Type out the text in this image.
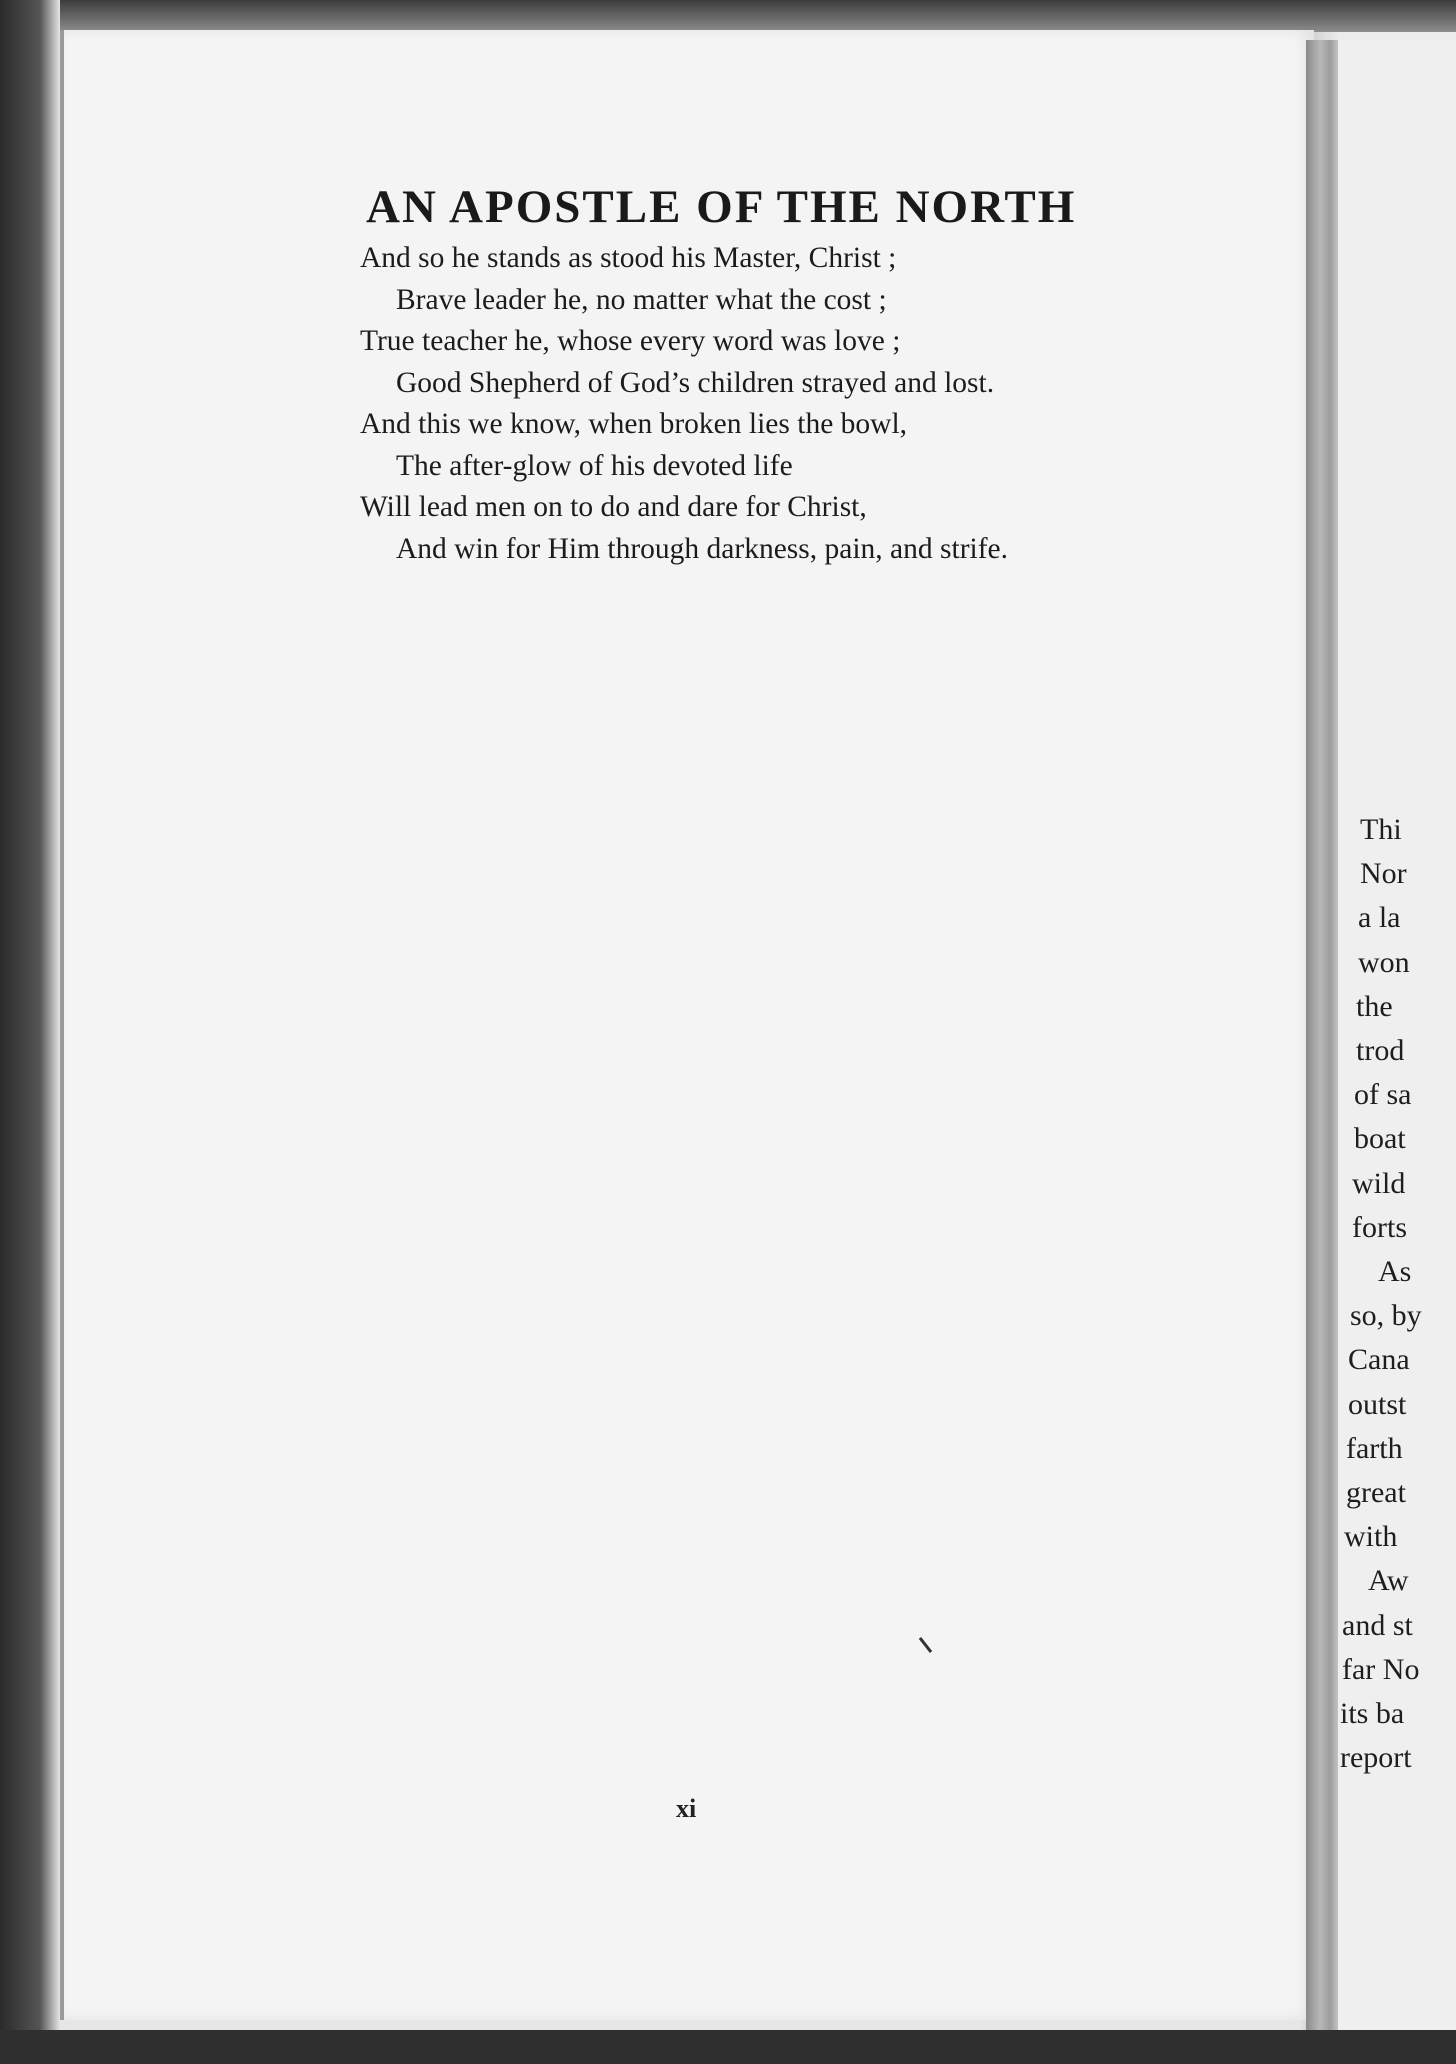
AN APOSTLE OF THE NORTH
And so he stands as stood his Master, Christ ;
Brave leader he, no matter what the cost ;
True teacher he, whose every word was love ;
Good Shepherd of God’s children strayed and lost.
And this we know, when broken lies the bowl,
The after-glow of his devoted life
Will lead men on to do and dare for Christ,
And win for Him through darkness, pain, and strife.
xi
Thi
Nor
a la
won
the
trod
of sa
boat
wild
forts
As
so, by
Cana
outst
farth
great
with
Aw
and st
far No
its ba
report
